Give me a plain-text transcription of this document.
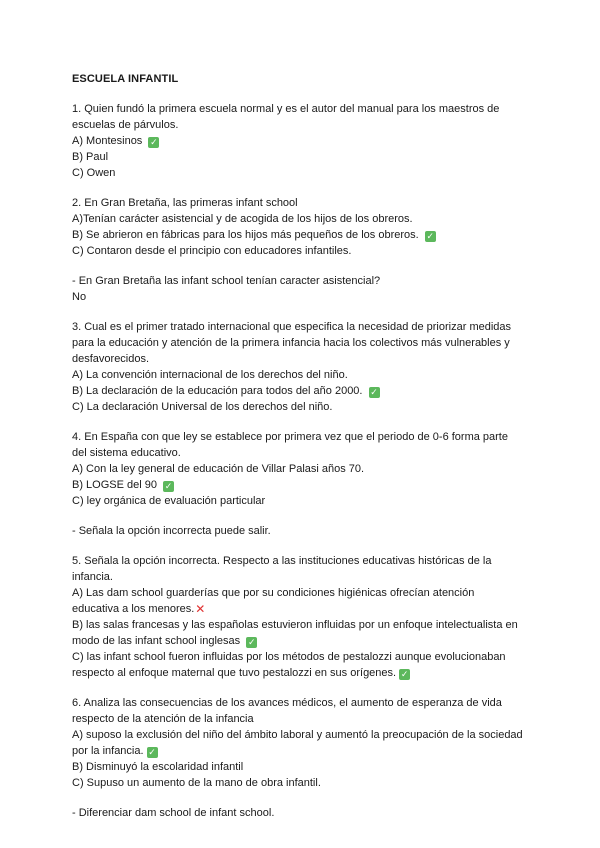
ESCUELA INFANTIL
1. Quien fundó la primera escuela normal y es el autor del manual para los maestros de
escuelas de párvulos.
A) Montesinos ✓
B) Paul
C) Owen
2. En Gran Bretaña, las primeras infant school
A)Tenían carácter asistencial y de acogida de los hijos de los obreros.
B) Se abrieron en fábricas para los hijos más pequeños de los obreros. ✓
C) Contaron desde el principio con educadores infantiles.
- En Gran Bretaña las infant school tenían caracter asistencial?
No
3. Cual es el primer tratado internacional que especifica la necesidad de priorizar medidas
para la educación y atención de la primera infancia hacia los colectivos más vulnerables y
desfavorecidos.
A) La convención internacional de los derechos del niño.
B) La declaración de la educación para todos del año 2000. ✓
C) La declaración Universal de los derechos del niño.
4. En España con que ley se establece por primera vez que el periodo de 0-6 forma parte
del sistema educativo.
A) Con la ley general de educación de Villar Palasi años 70.
B) LOGSE del 90 ✓
C) ley orgánica de evaluación particular
- Señala la opción incorrecta puede salir.
5. Señala la opción incorrecta. Respecto a las instituciones educativas históricas de la
infancia.
A) Las dam school guarderías que por su condiciones higiénicas ofrecían atención
educativa a los menores.✕
B) las salas francesas y las españolas estuvieron influidas por un enfoque intelectualista en
modo de las infant school inglesas ✓
C) las infant school fueron influidas por los métodos de pestalozzi aunque evolucionaban
respecto al enfoque maternal que tuvo pestalozzi en sus orígenes. ✓
6. Analiza las consecuencias de los avances médicos, el aumento de esperanza de vida
respecto de la atención de la infancia
A) suposo la exclusión del niño del ámbito laboral y aumentó la preocupación de la sociedad
por la infancia. ✓
B) Disminuyó la escolaridad infantil
C) Supuso un aumento de la mano de obra infantil.
- Diferenciar dam school de infant school.
